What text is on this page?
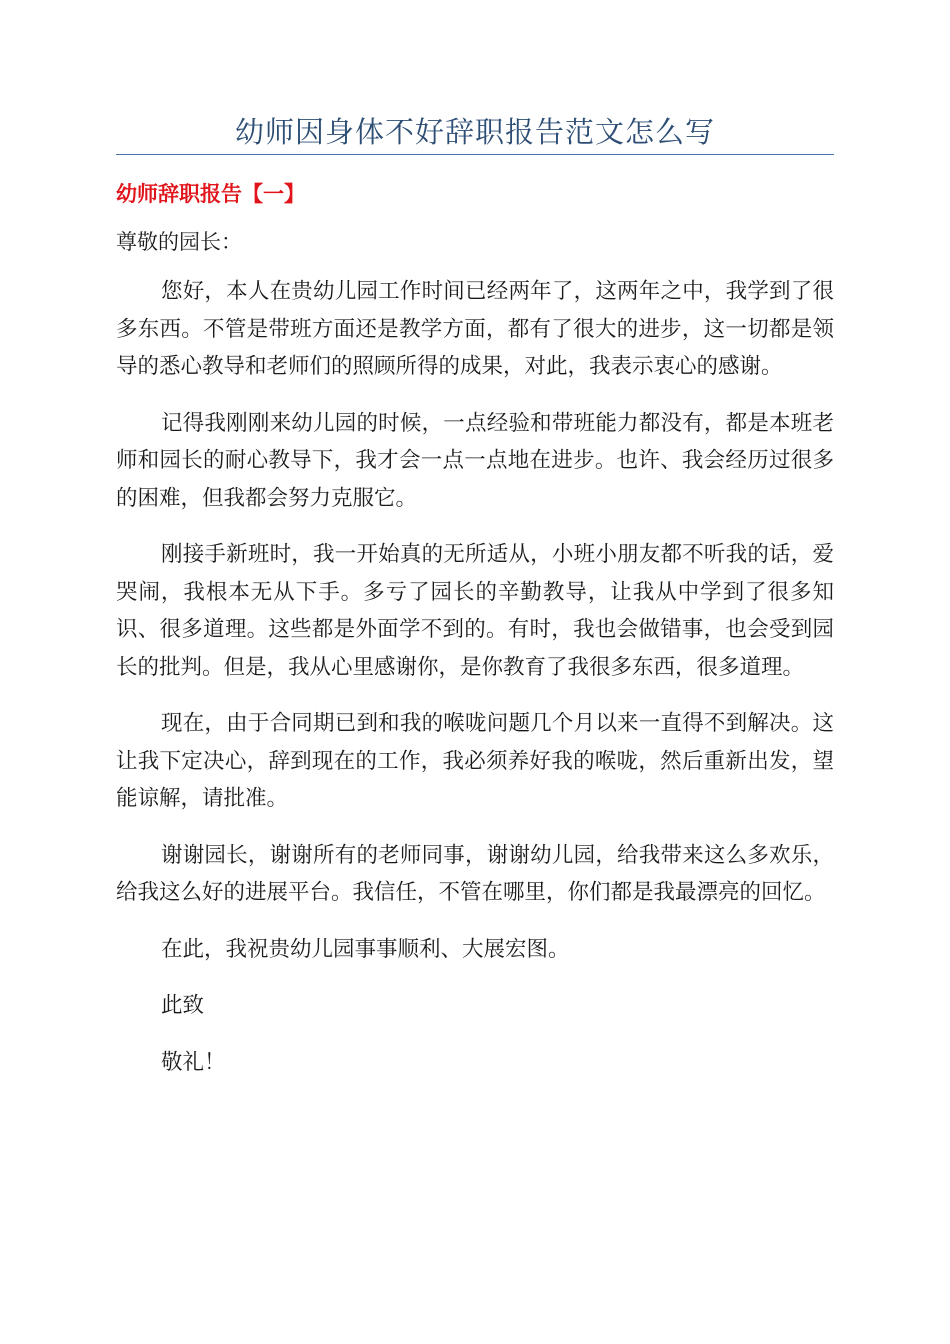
幼师因身体不好辞职报告范文怎么写
幼师辞职报告【一】

尊敬的园长：

您好，本人在贵幼儿园工作时间已经两年了，这两年之中，我学到了很多东西。不管是带班方面还是教学方面，都有了很大的进步，这一切都是领导的悉心教导和老师们的照顾所得的成果，对此，我表示衷心的感谢。

记得我刚刚来幼儿园的时候，一点经验和带班能力都没有，都是本班老师和园长的耐心教导下，我才会一点一点地在进步。也许、我会经历过很多的困难，但我都会努力克服它。

刚接手新班时，我一开始真的无所适从，小班小朋友都不听我的话，爱哭闹，我根本无从下手。多亏了园长的辛勤教导，让我从中学到了很多知识、很多道理。这些都是外面学不到的。有时，我也会做错事，也会受到园长的批判。但是，我从心里感谢你，是你教育了我很多东西，很多道理。

现在，由于合同期已到和我的喉咙问题几个月以来一直得不到解决。这让我下定决心，辞到现在的工作，我必须养好我的喉咙，然后重新出发，望能谅解，请批准。

谢谢园长，谢谢所有的老师同事，谢谢幼儿园，给我带来这么多欢乐，给我这么好的进展平台。我信任，不管在哪里，你们都是我最漂亮的回忆。

在此，我祝贵幼儿园事事顺利、大展宏图。

此致

敬礼！
